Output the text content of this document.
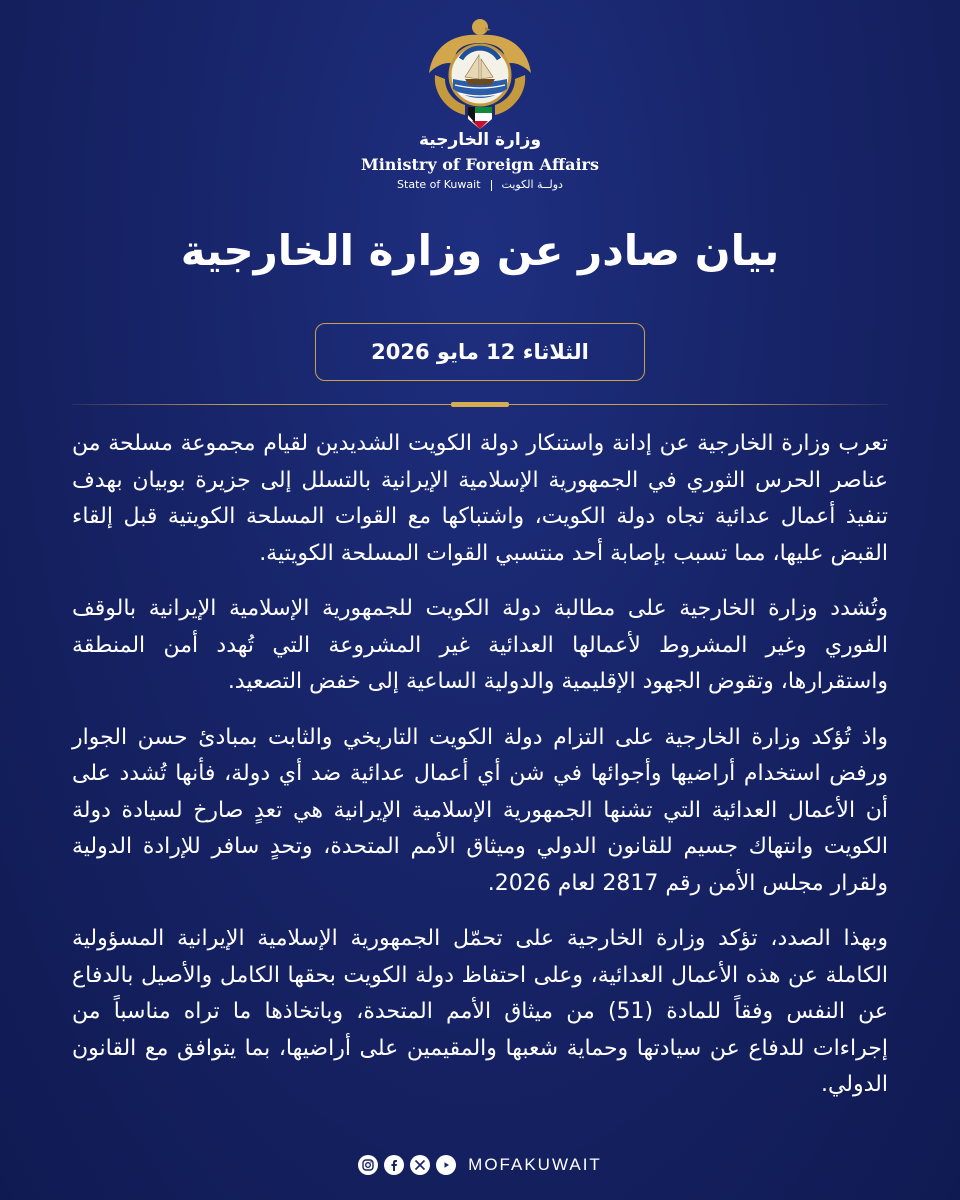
وزارة الخارجية
Ministry of Foreign Affairs
State of Kuwait دولــة الكويت
بيان صادر عن وزارة الخارجية
الثلاثاء 12 مايو 2026

تعرب وزارة الخارجية عن إدانة واستنكار دولة الكويت الشديدين لقيام مجموعة مسلحة من عناصر الحرس الثوري في الجمهورية الإسلامية الإيرانية بالتسلل إلى جزيرة بوبيان بهدف تنفيذ أعمال عدائية تجاه دولة الكويت، واشتباكها مع القوات المسلحة الكويتية قبل إلقاء القبض عليها، مما تسبب بإصابة أحد منتسبي القوات المسلحة الكويتية.

وتُشدد وزارة الخارجية على مطالبة دولة الكويت للجمهورية الإسلامية الإيرانية بالوقف الفوري وغير المشروط لأعمالها العدائية غير المشروعة التي تُهدد أمن المنطقة واستقرارها، وتقوض الجهود الإقليمية والدولية الساعية إلى خفض التصعيد.

واذ تُؤكد وزارة الخارجية على التزام دولة الكويت التاريخي والثابت بمبادئ حسن الجوار ورفض استخدام أراضيها وأجوائها في شن أي أعمال عدائية ضد أي دولة، فأنها تُشدد على أن الأعمال العدائية التي تشنها الجمهورية الإسلامية الإيرانية هي تعدٍ صارخ لسيادة دولة الكويت وانتهاك جسيم للقانون الدولي وميثاق الأمم المتحدة، وتحدٍ سافر للإرادة الدولية ولقرار مجلس الأمن رقم 2817 لعام 2026.

وبهذا الصدد، تؤكد وزارة الخارجية على تحمّل الجمهورية الإسلامية الإيرانية المسؤولية الكاملة عن هذه الأعمال العدائية، وعلى احتفاظ دولة الكويت بحقها الكامل والأصيل بالدفاع عن النفس وفقاً للمادة (51) من ميثاق الأمم المتحدة، وباتخاذها ما تراه مناسباً من إجراءات للدفاع عن سيادتها وحماية شعبها والمقيمين على أراضيها، بما يتوافق مع القانون الدولي.

MOFAKUWAIT
